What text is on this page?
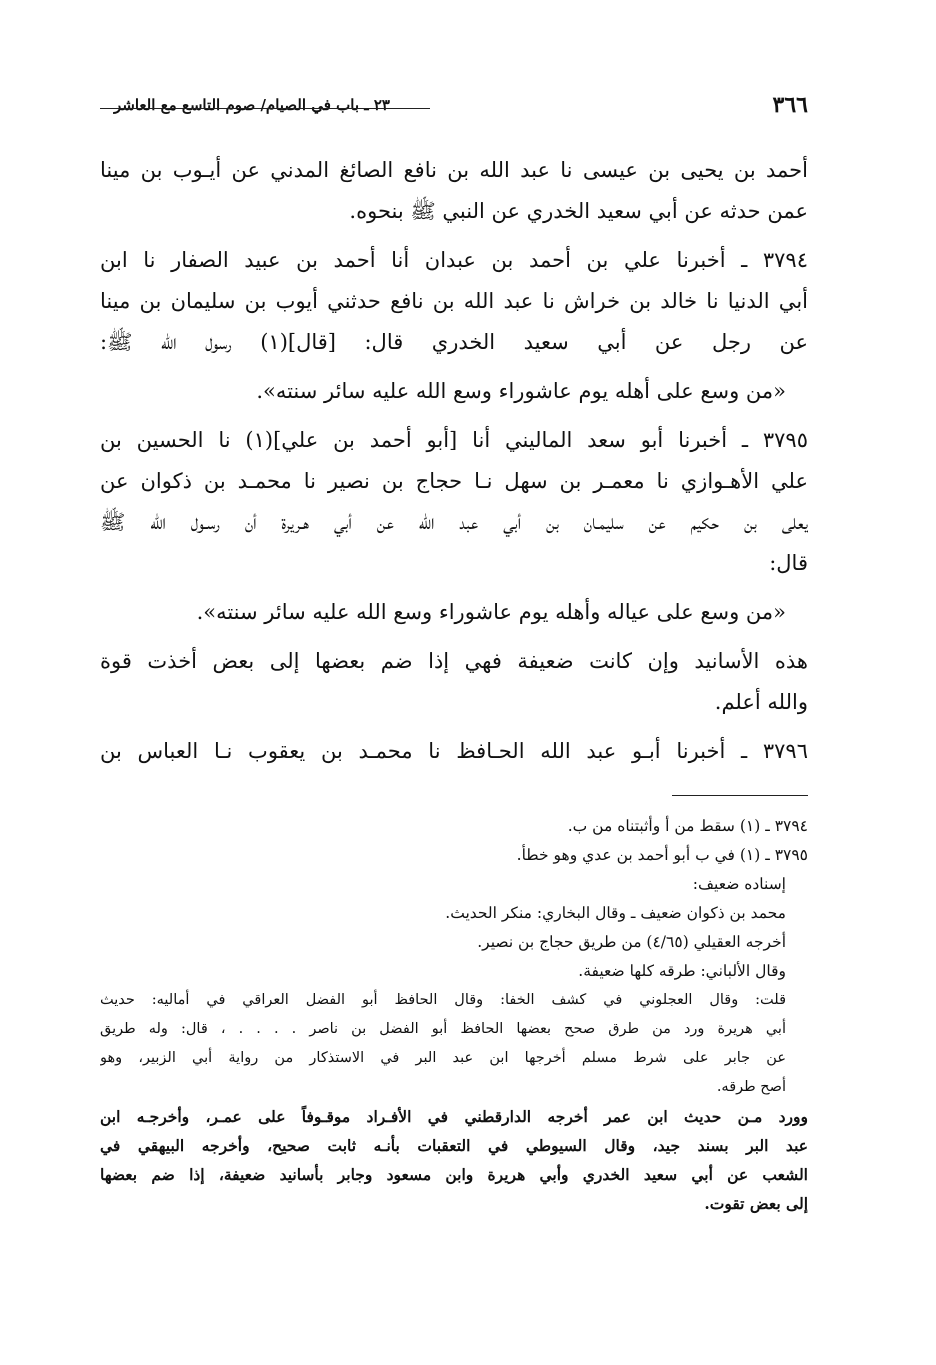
٣٦٦
٢٣ ـ باب في الصيام/ صوم التاسع مع العاشر
أحمد بن يحيى بن عيسى نا عبد الله بن نافع الصائغ المدني عن أيـوب بن مينا
عمن حدثه عن أبي سعيد الخدري عن النبي ﷺ بنحوه.
٣٧٩٤ ـ أخبرنا علي بن أحمد بن عبدان أنا أحمد بن عبيد الصفار نا ابن
أبي الدنيا نا خالد بن خراش نا عبد الله بن نافع حدثني أيوب بن سليمان بن مينا
عن رجل عن أبي سعيد الخدري قال: [قال](١) رسول الله ﷺ:
«من وسع على أهله يوم عاشوراء وسع الله عليه سائر سنته».
٣٧٩٥ ـ أخبرنا أبو سعد الماليني أنا [أبو أحمد بن علي](١) نا الحسين بن
علي الأهـوازي نا معمـر بن سهل نـا حجاج بن نصير نا محمـد بن ذكوان عن
يعلى بن حكيم عن سليمـان بن أبي عبد الله عن أبي هـريرة أن رسـول الله ﷺ
قال:
«من وسع على عياله وأهله يوم عاشوراء وسع الله عليه سائر سنته».
هذه الأسانيد وإن كانت ضعيفة فهي إذا ضم بعضها إلى بعض أخذت قوة
والله أعلم.
٣٧٩٦ ـ أخبرنا أبـو عبد الله الحـافظ نا محمـد بن يعقوب نـا العباس بن
٣٧٩٤ ـ (١) سقط من أ وأثبتناه من ب.
٣٧٩٥ ـ (١) في ب أبو أحمد بن عدي وهو خطأ.
إسناده ضعيف:
محمد بن ذكوان ضعيف ـ وقال البخاري: منكر الحديث.
أخرجه العقيلي (٤/٦٥) من طريق حجاج بن نصير.
وقال الألباني: طرقه كلها ضعيفة.
قلت: وقال العجلوني في كشف الخفا: وقال الحافظ أبو الفضل العراقي في أماليه: حديث
أبي هريرة ورد من طرق صحح بعضها الحافظ أبو الفضل بن ناصر . . . . ، قال: وله طريق
عن جابر على شرط مسلم أخرجها ابن عبد البر في الاستذكار من رواية أبي الزبير، وهو
أصح طرقه.
وورد مـن حديث ابن عمر أخرجه الدارقطني في الأفـراد موقـوفاً على عمـر، وأخرجـه ابن
عبد البر بسند جيد، وقال السيوطي في التعقبات بأنـه ثابت صحيح، وأخرجه البيهقي في
الشعب عن أبي سعيد الخدري وأبي هريرة وابن مسعود وجابر بأسانيد ضعيفة، إذا ضم بعضها
إلى بعض تقوت.
